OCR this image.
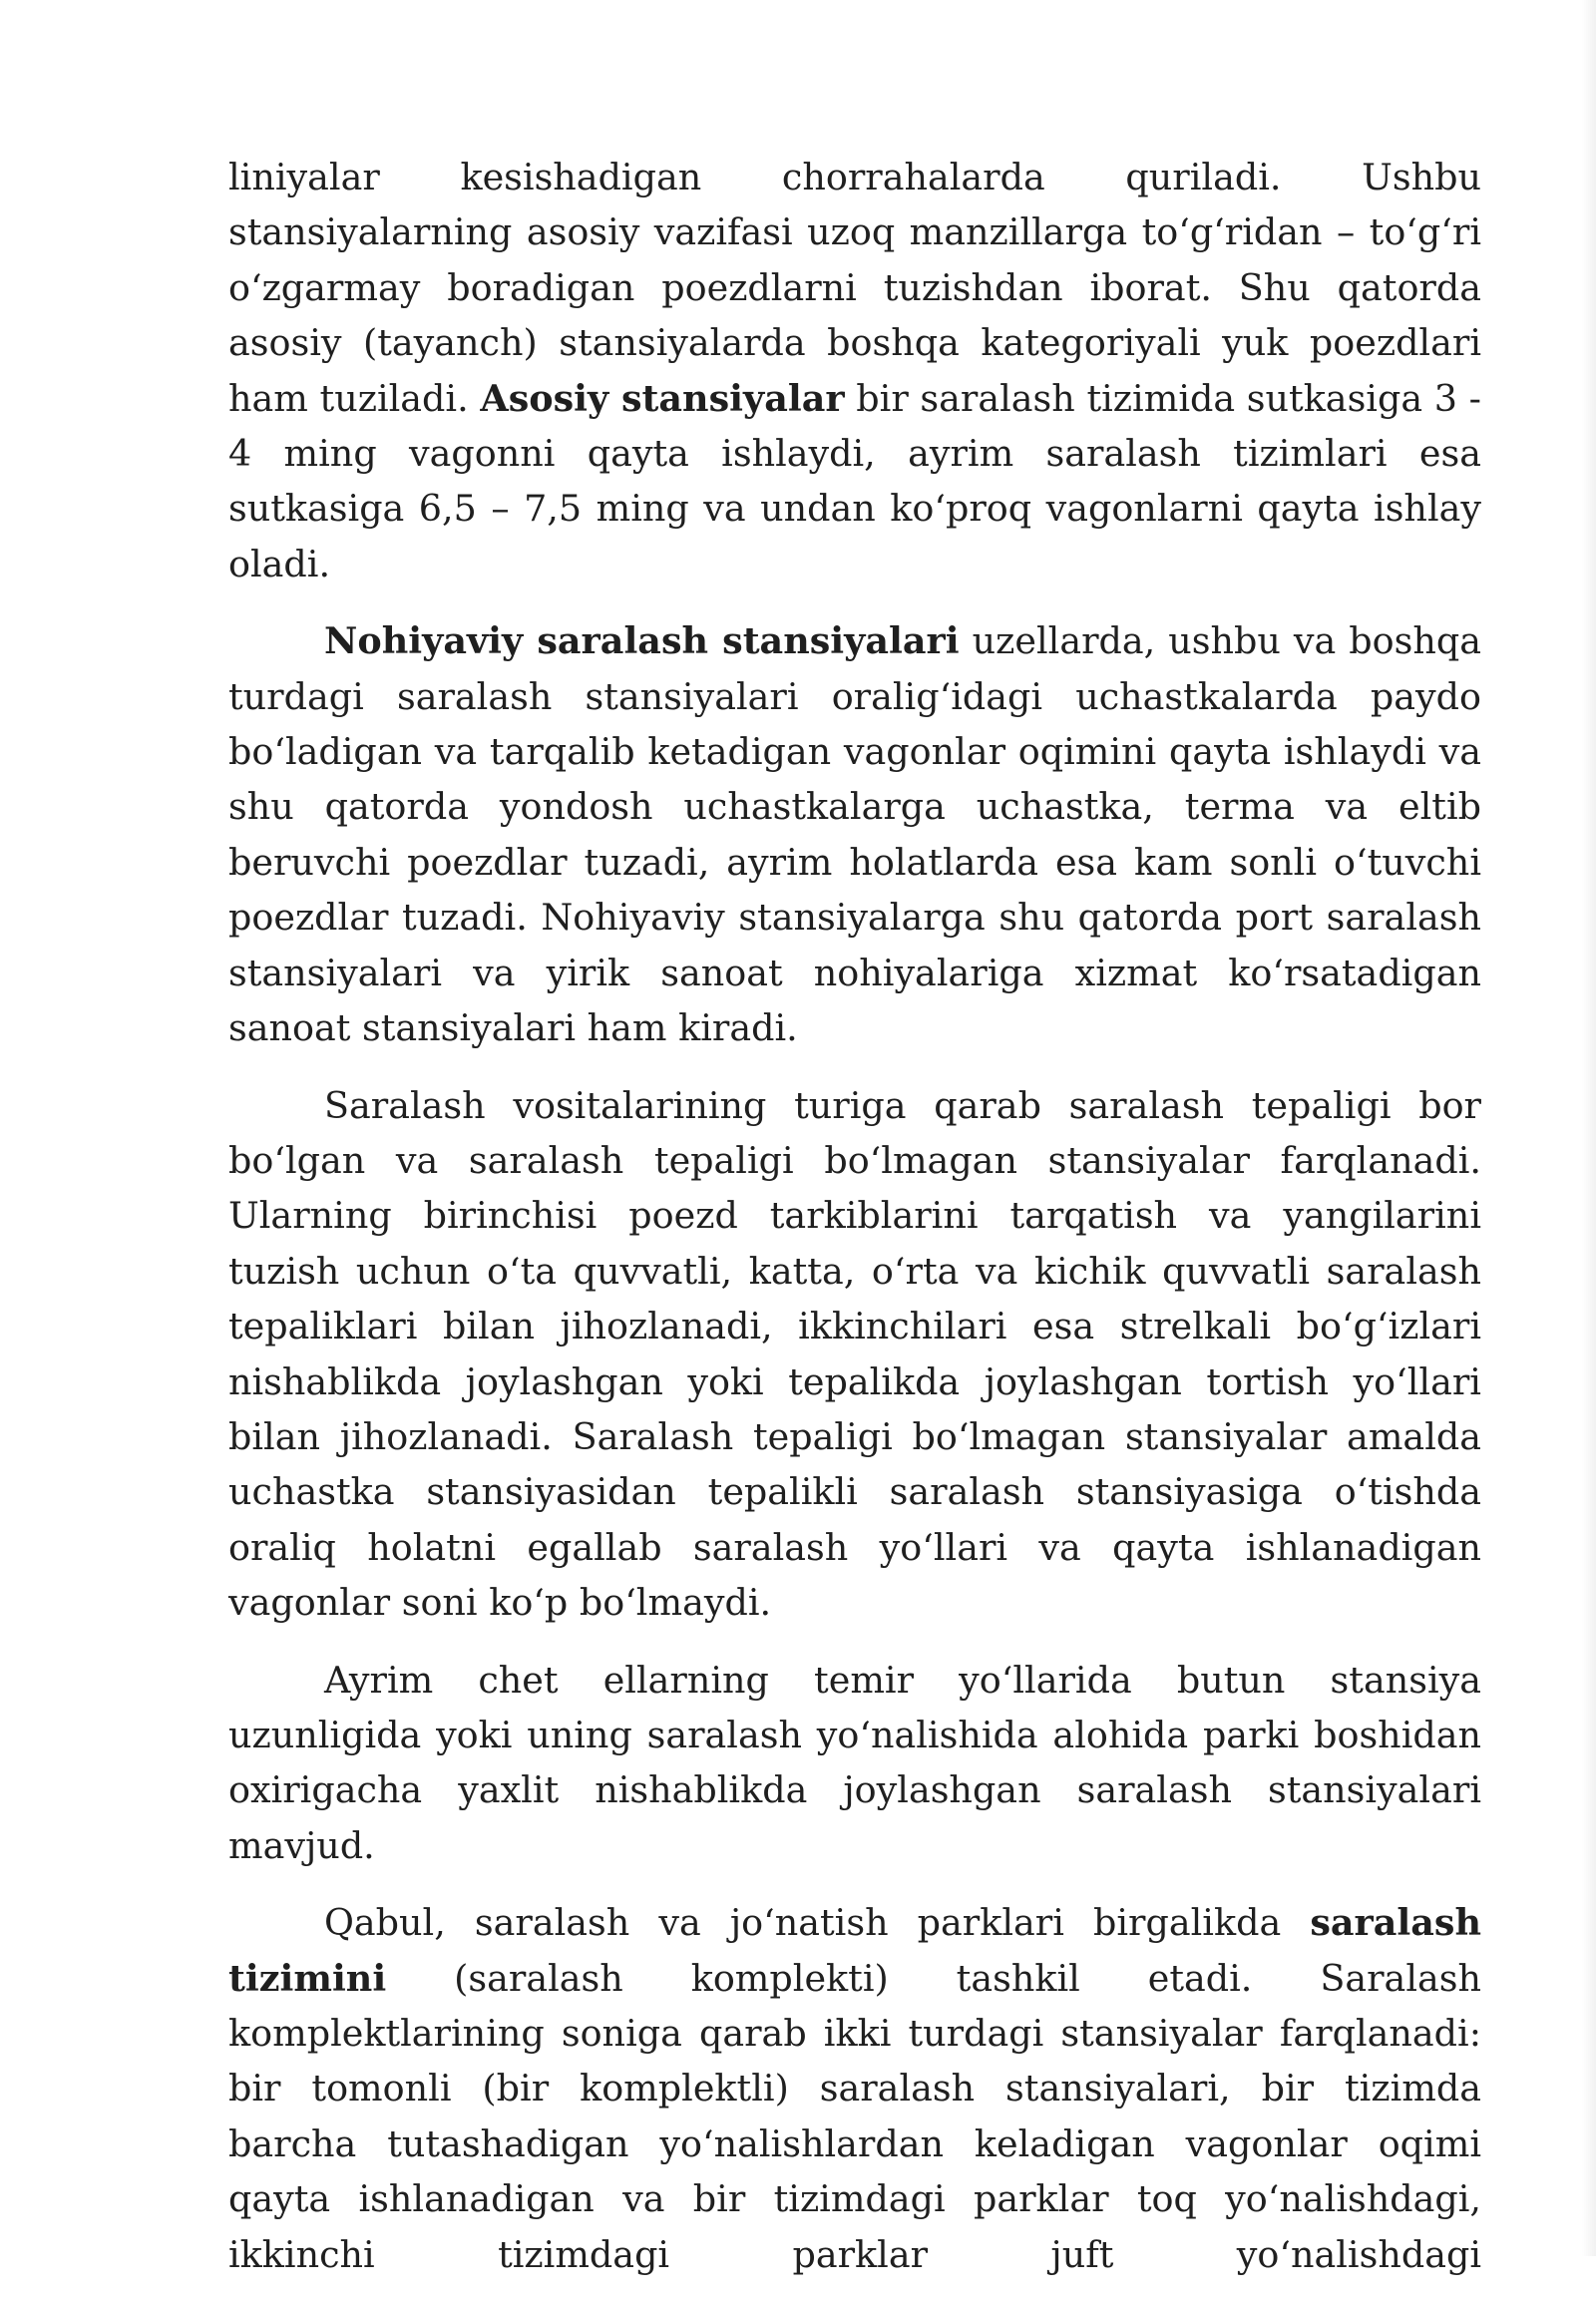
liniyalar kesishadigan chorrahalarda quriladi. Ushbu stansiyalarning asosiy vazifasi uzoq manzillarga to‘g‘ridan – to‘g‘ri o‘zgarmay boradigan poezdlarni tuzishdan iborat. Shu qatorda asosiy (tayanch) stansiyalarda boshqa kategoriyali yuk poezdlari ham tuziladi. Asosiy stansiyalar bir saralash tizimida sutkasiga 3 - 4 ming vagonni qayta ishlaydi, ayrim saralash tizimlari esa sutkasiga 6,5 – 7,5 ming va undan ko‘proq vagonlarni qayta ishlay oladi.

Nohiyaviy saralash stansiyalari uzellarda, ushbu va boshqa turdagi saralash stansiyalari oralig‘idagi uchastkalarda paydo bo‘ladigan va tarqalib ketadigan vagonlar oqimini qayta ishlaydi va shu qatorda yondosh uchastkalarga uchastka, terma va eltib beruvchi poezdlar tuzadi, ayrim holatlarda esa kam sonli o‘tuvchi poezdlar tuzadi. Nohiyaviy stansiyalarga shu qatorda port saralash stansiyalari va yirik sanoat nohiyalariga xizmat ko‘rsatadigan sanoat stansiyalari ham kiradi.

Saralash vositalarining turiga qarab saralash tepaligi bor bo‘lgan va saralash tepaligi bo‘lmagan stansiyalar farqlanadi. Ularning birinchisi poezd tarkiblarini tarqatish va yangilarini tuzish uchun o‘ta quvvatli, katta, o‘rta va kichik quvvatli saralash tepaliklari bilan jihozlanadi, ikkinchilari esa strelkali bo‘g‘izlari nishablikda joylashgan yoki tepalikda joylashgan tortish yo‘llari bilan jihozlanadi. Saralash tepaligi bo‘lmagan stansiyalar amalda uchastka stansiyasidan tepalikli saralash stansiyasiga o‘tishda oraliq holatni egallab saralash yo‘llari va qayta ishlanadigan vagonlar soni ko‘p bo‘lmaydi.

Ayrim chet ellarning temir yo‘llarida butun stansiya uzunligida yoki uning saralash yo‘nalishida alohida parki boshidan oxirigacha yaxlit nishablikda joylashgan saralash stansiyalari mavjud.

Qabul, saralash va jo‘natish parklari birgalikda saralash tizimini (saralash komplekti) tashkil etadi. Saralash komplektlarining soniga qarab ikki turdagi stansiyalar farqlanadi: bir tomonli (bir komplektli) saralash stansiyalari, bir tizimda barcha tutashadigan yo‘nalishlardan keladigan vagonlar oqimi qayta ishlanadigan va bir tizimdagi parklar toq yo‘nalishdagi, ikkinchi tizimdagi parklar juft yo‘nalishdagi
